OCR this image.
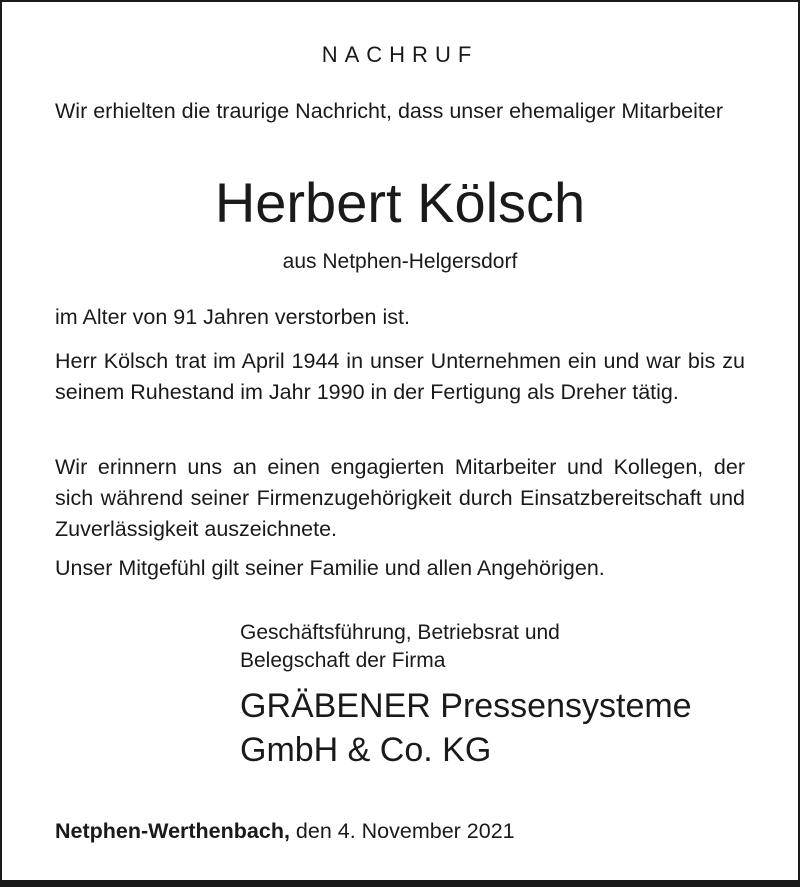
NACHRUF
Wir erhielten die traurige Nachricht, dass unser ehemaliger Mitarbeiter
Herbert Kölsch
aus Netphen-Helgersdorf
im Alter von 91 Jahren verstorben ist.
Herr Kölsch trat im April 1944 in unser Unternehmen ein und war bis zu seinem Ruhestand im Jahr 1990 in der Fertigung als Dreher tätig.
Wir erinnern uns an einen engagierten Mitarbeiter und Kollegen, der sich während seiner Firmenzugehörigkeit durch Einsatzbereitschaft und Zuverlässigkeit auszeichnete.
Unser Mitgefühl gilt seiner Familie und allen Angehörigen.
Geschäftsführung, Betriebsrat und
Belegschaft der Firma
GRÄBENER Pressensysteme
GmbH & Co. KG
Netphen-Werthenbach, den 4. November 2021
